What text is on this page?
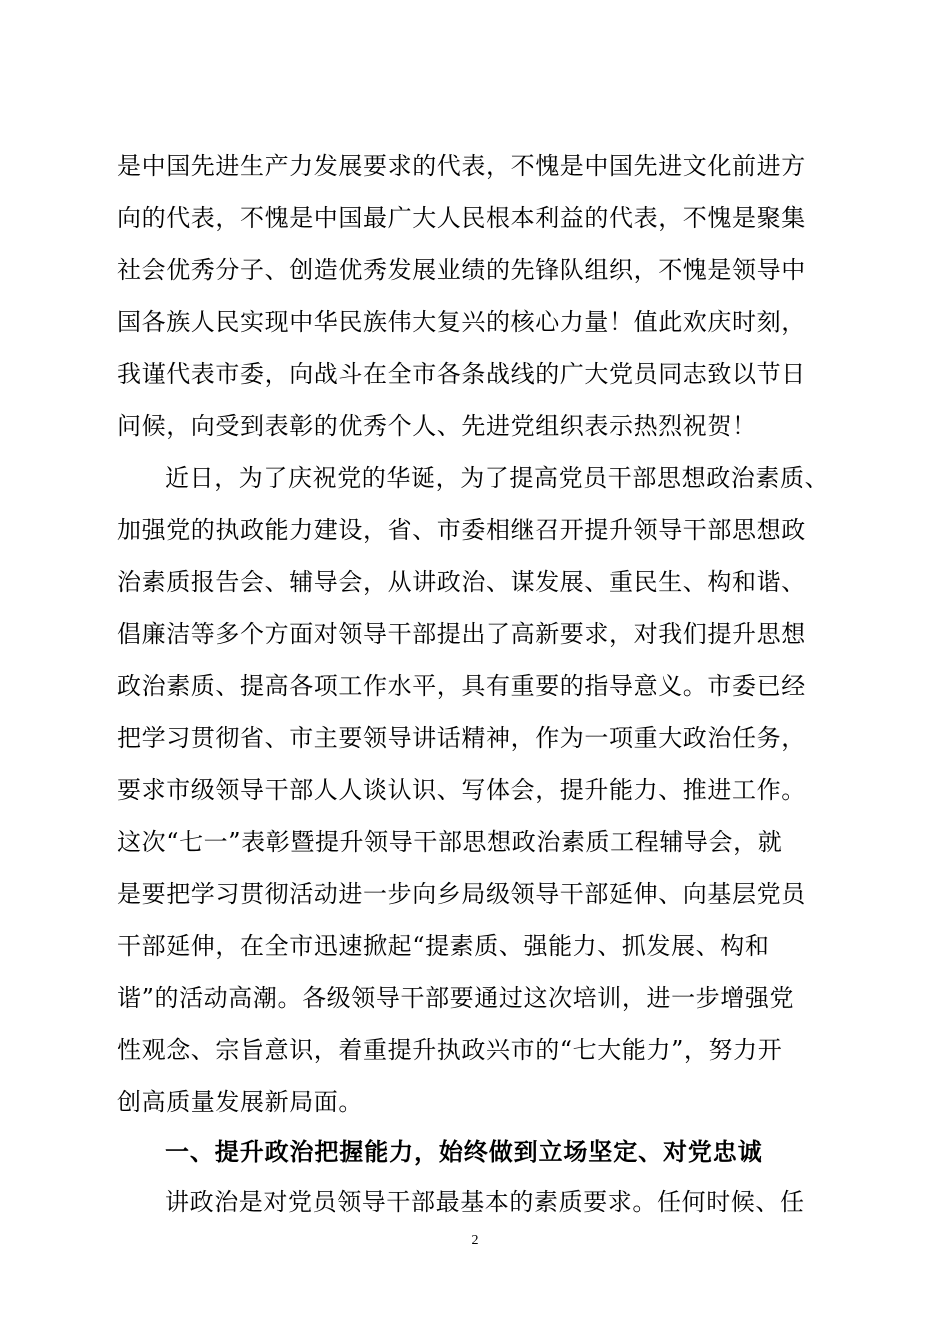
是中国先进生产力发展要求的代表，不愧是中国先进文化前进方
向的代表，不愧是中国最广大人民根本利益的代表，不愧是聚集
社会优秀分子、创造优秀发展业绩的先锋队组织，不愧是领导中
国各族人民实现中华民族伟大复兴的核心力量！值此欢庆时刻，
我谨代表市委，向战斗在全市各条战线的广大党员同志致以节日
问候，向受到表彰的优秀个人、先进党组织表示热烈祝贺！
近日，为了庆祝党的华诞，为了提高党员干部思想政治素质、
加强党的执政能力建设，省、市委相继召开提升领导干部思想政
治素质报告会、辅导会，从讲政治、谋发展、重民生、构和谐、
倡廉洁等多个方面对领导干部提出了高新要求，对我们提升思想
政治素质、提高各项工作水平，具有重要的指导意义。市委已经
把学习贯彻省、市主要领导讲话精神，作为一项重大政治任务，
要求市级领导干部人人谈认识、写体会，提升能力、推进工作。
这次“七一”表彰暨提升领导干部思想政治素质工程辅导会，就
是要把学习贯彻活动进一步向乡局级领导干部延伸、向基层党员
干部延伸，在全市迅速掀起“提素质、强能力、抓发展、构和
谐”的活动高潮。各级领导干部要通过这次培训，进一步增强党
性观念、宗旨意识，着重提升执政兴市的“七大能力”，努力开
创高质量发展新局面。
一、提升政治把握能力，始终做到立场坚定、对党忠诚
讲政治是对党员领导干部最基本的素质要求。任何时候、任
2
